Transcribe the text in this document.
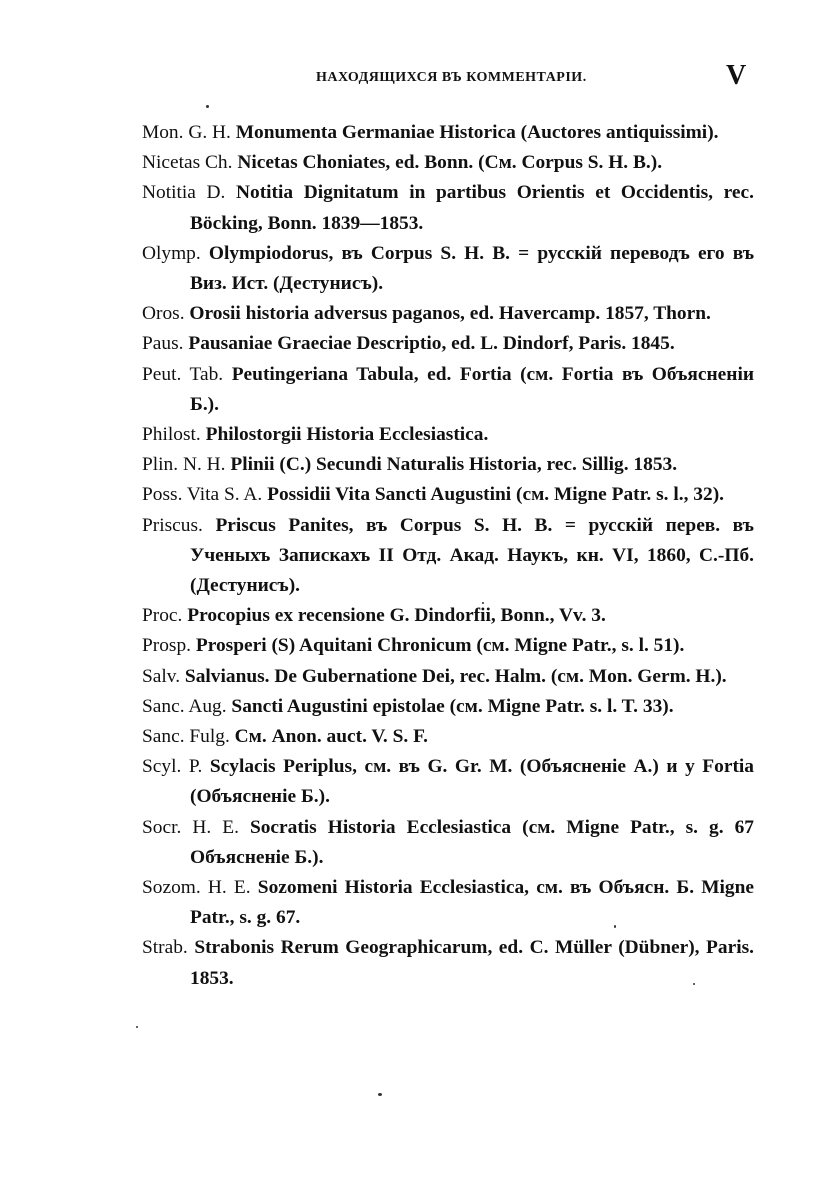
НАХОДЯЩИХСЯ ВЪ КОММЕНТАРІИ.	V
Mon. G. H. Monumenta Germaniae Historica (Auctores antiquissimi).
Nicetas Ch. Nicetas Choniates, ed. Bonn. (См. Corpus S. H. B.).
Notitia D. Notitia Dignitatum in partibus Orientis et Occidentis, rec. Böcking, Bonn. 1839—1853.
Olymp. Olympiodorus, въ Corpus S. H. B. = русскій переводъ его въ Виз. Ист. (Дестунисъ).
Oros. Orosii historia adversus paganos, ed. Havercamp. 1857, Thorn.
Paus. Pausaniae Graeciae Descriptio, ed. L. Dindorf, Paris. 1845.
Peut. Tab. Peutingeriana Tabula, ed. Fortia (см. Fortia въ Объясненіи Б.).
Philost. Philostorgii Historia Ecclesiastica.
Plin. N. H. Plinii (C.) Secundi Naturalis Historia, rec. Sillig. 1853.
Poss. Vita S. A. Possidii Vita Sancti Augustini (см. Migne Patr. s. l., 32).
Priscus. Priscus Panites, въ Corpus S. H. B. = русскій перев. въ Ученыхъ Запискахъ II Отд. Акад. Наукъ, кн. VI, 1860, С.-Пб. (Дестунисъ).
Proc. Procopius ex recensione G. Dindorfii, Bonn., Vv. 3.
Prosp. Prosperi (S) Aquitani Chronicum (см. Migne Patr., s. l. 51).
Salv. Salvianus. De Gubernatione Dei, rec. Halm. (см. Mon. Germ. H.).
Sanc. Aug. Sancti Augustini epistolae (см. Migne Patr. s. l. T. 33).
Sanc. Fulg. См. Anon. auct. V. S. F.
Scyl. P. Scylacis Periplus, см. въ G. Gr. M. (Объясненіе А.) и у Fortia (Объясненіе Б.).
Socr. H. E. Socratis Historia Ecclesiastica (см. Migne Patr., s. g. 67 Объясненіе Б.).
Sozom. H. E. Sozomeni Historia Ecclesiastica, см. въ Объясн. Б. Migne Patr., s. g. 67.
Strab. Strabonis Rerum Geographicarum, ed. C. Müller (Dübner), Paris. 1853.
